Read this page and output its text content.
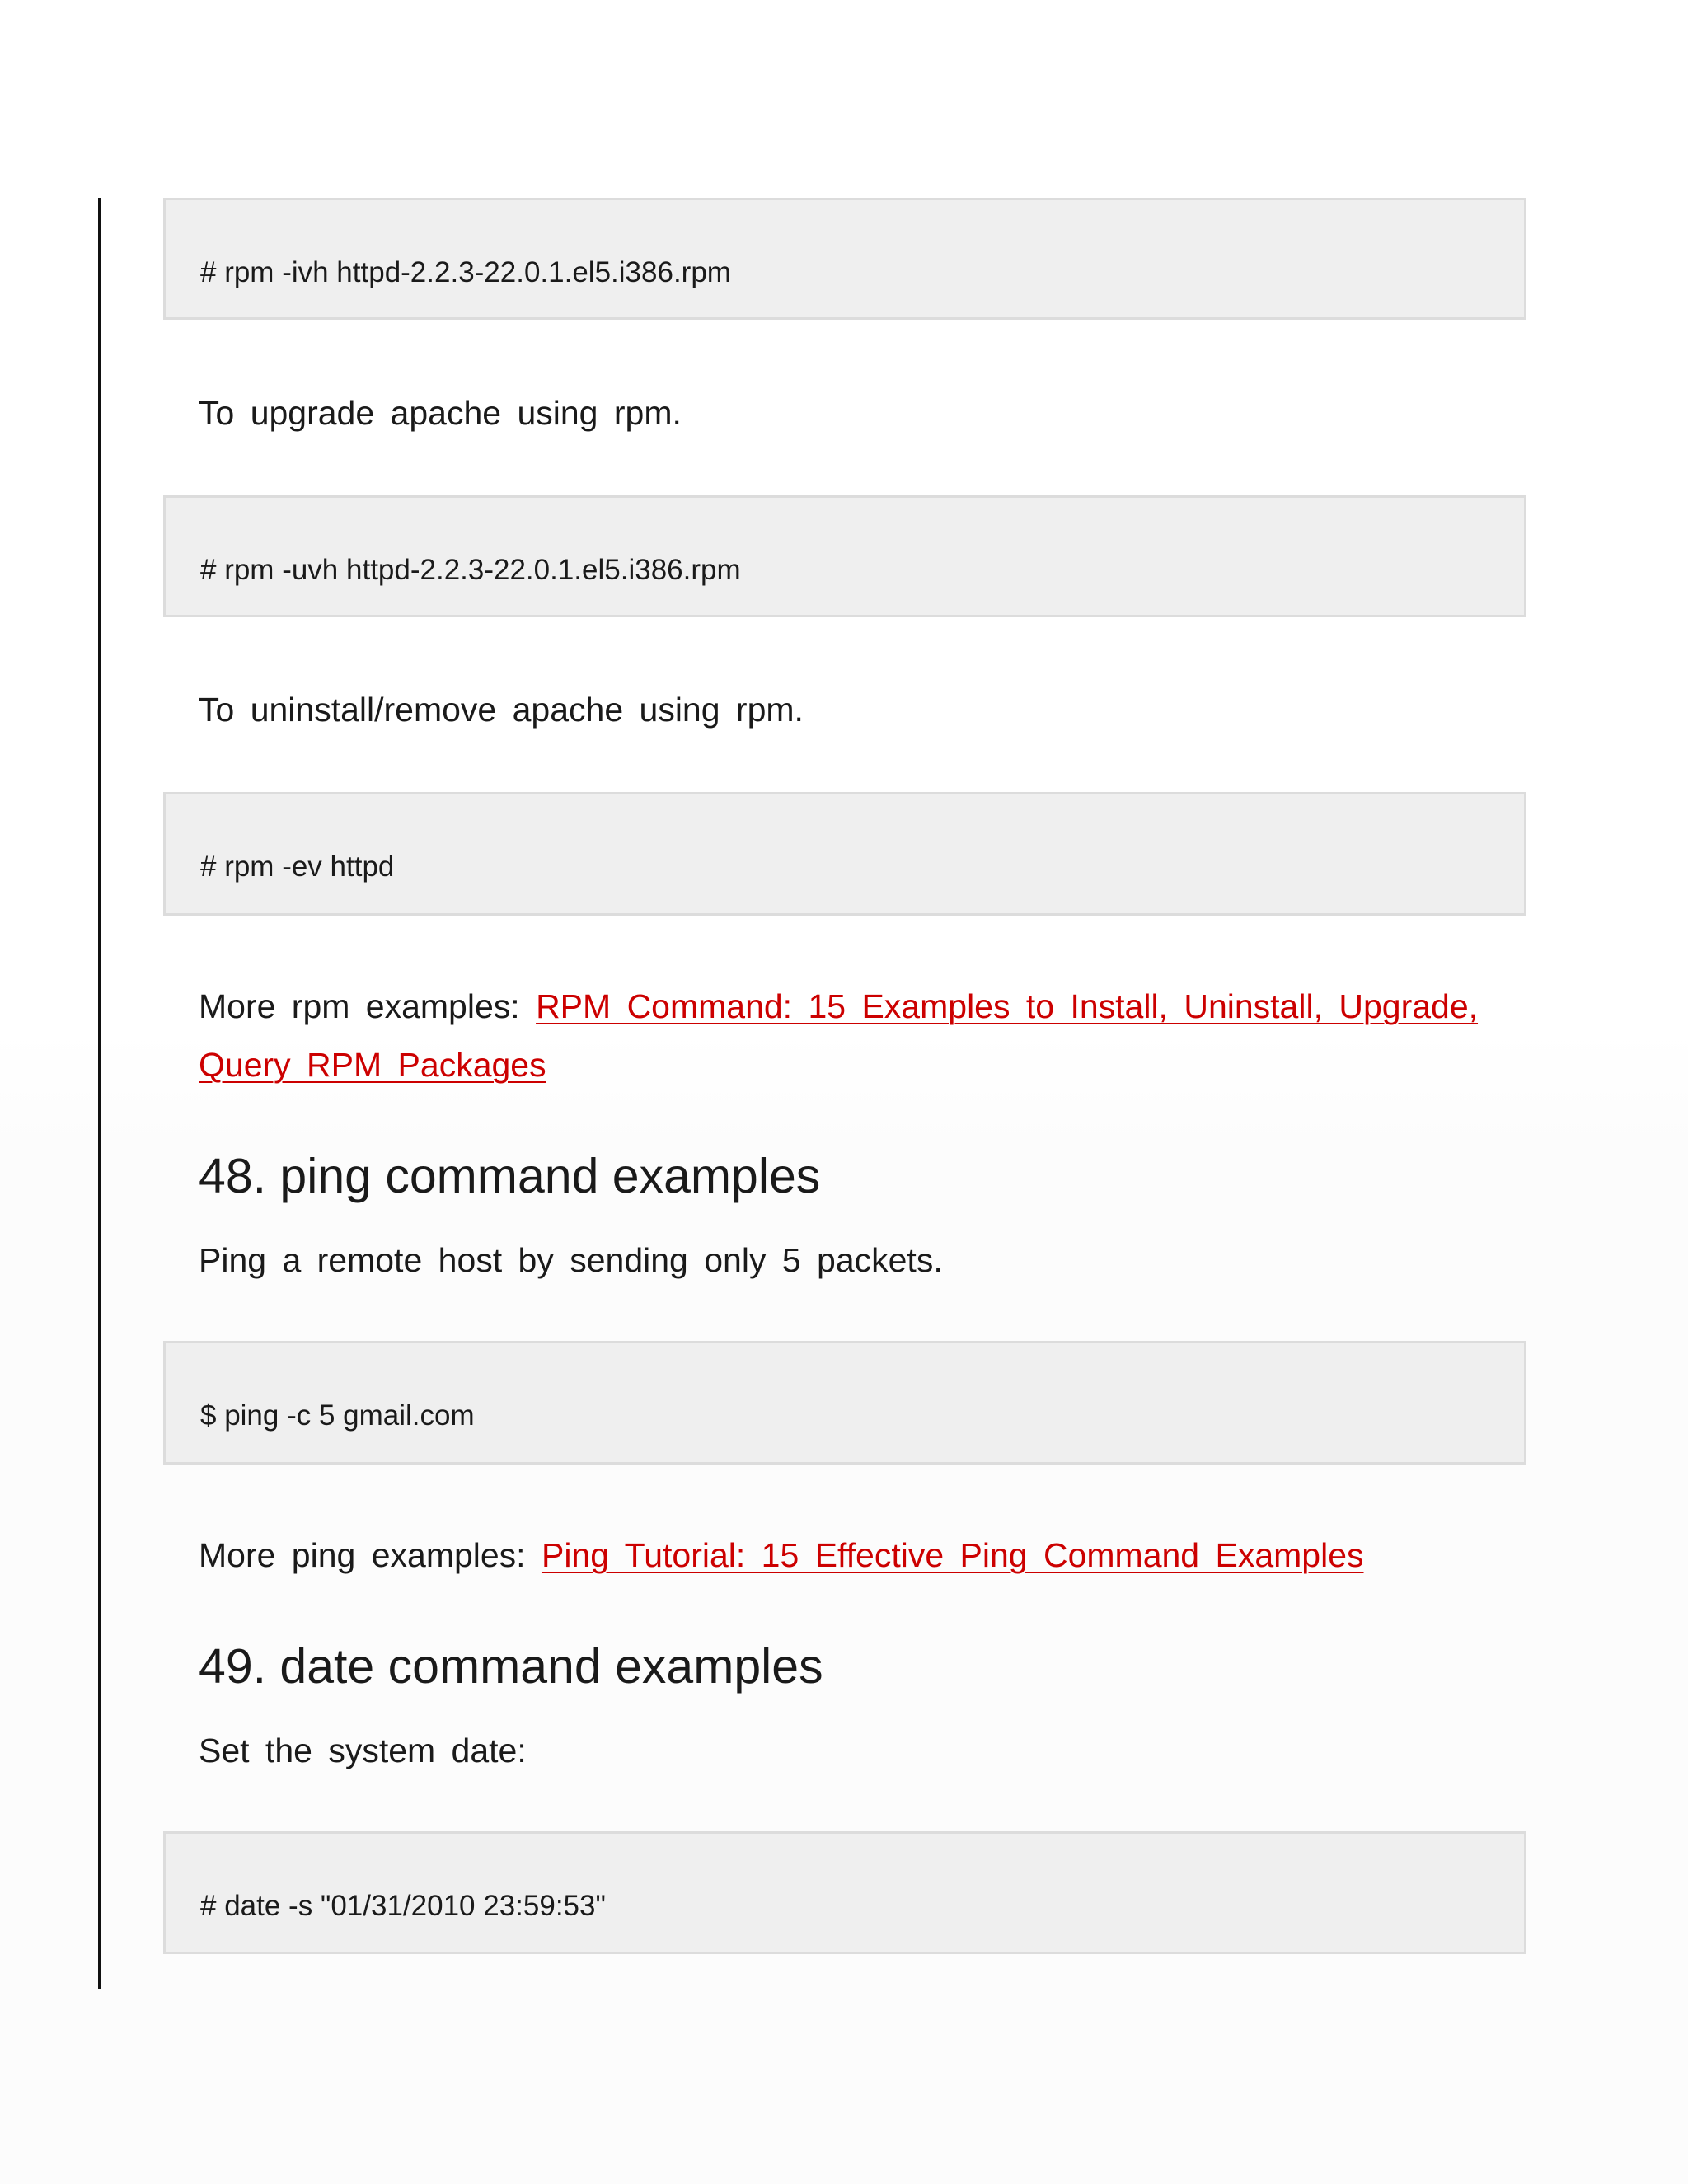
# rpm -ivh httpd-2.2.3-22.0.1.el5.i386.rpm
To upgrade apache using rpm.
# rpm -uvh httpd-2.2.3-22.0.1.el5.i386.rpm
To uninstall/remove apache using rpm.
# rpm -ev httpd
More rpm examples: RPM Command: 15 Examples to Install, Uninstall, Upgrade,
Query RPM Packages
48. ping command examples
Ping a remote host by sending only 5 packets.
$ ping -c 5 gmail.com
More ping examples: Ping Tutorial: 15 Effective Ping Command Examples
49. date command examples
Set the system date:
# date -s "01/31/2010 23:59:53"
